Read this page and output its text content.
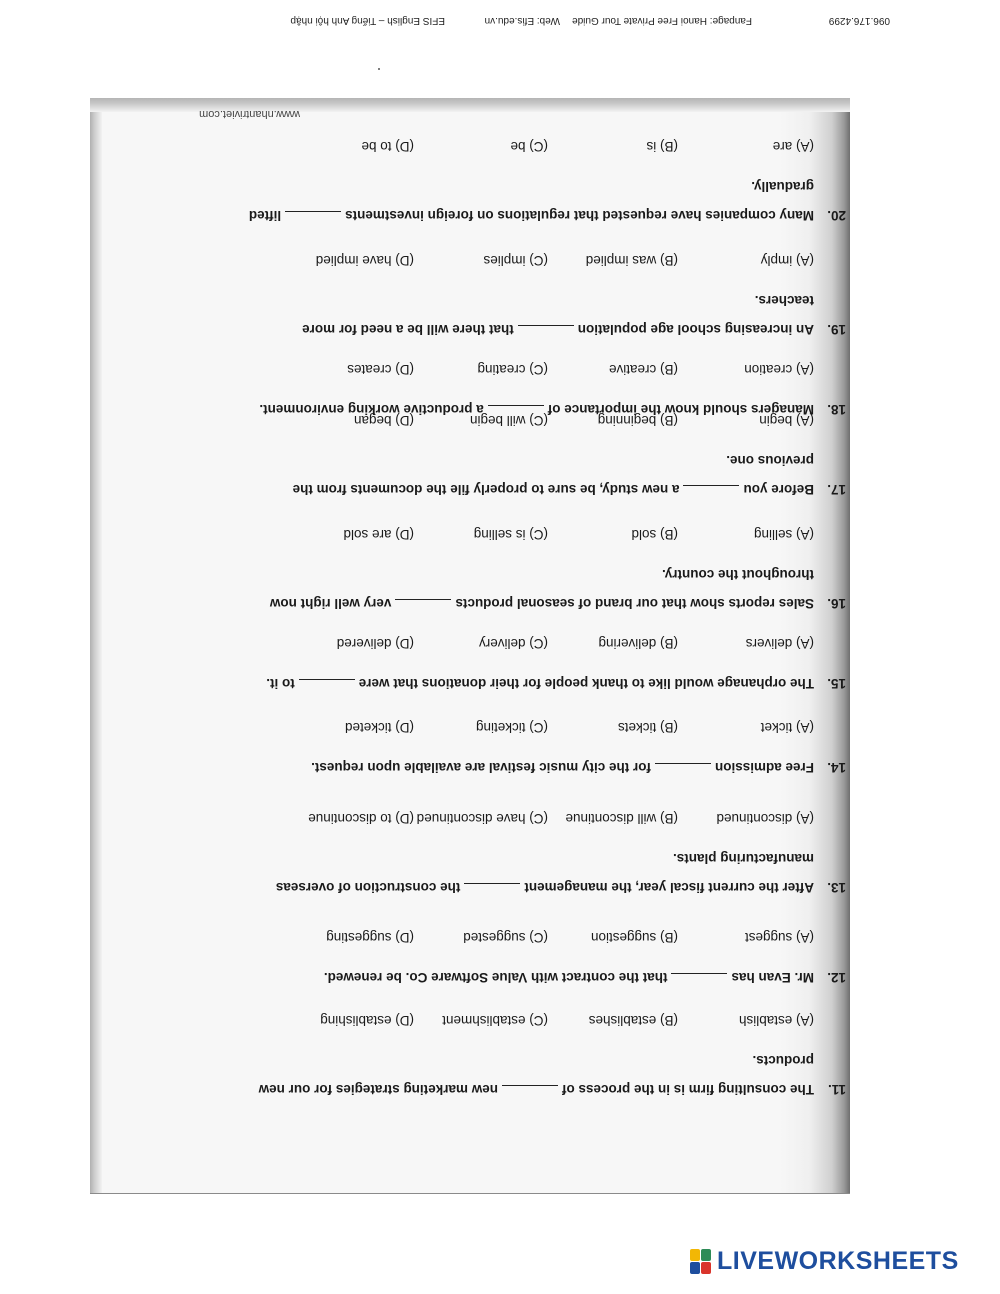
EFIS English – Tiếng Anh hội nhập	Web: Efis.edu.vn Fanpage: Hanoi Free Private Tour Guide	096.176.4299
11.
The consulting firm is in the process ofnew marketing strategies for our new
products.
(A) establish
(B) establishes
(C) establishment
(D) establishing
12.
Mr. Evan hasthat the contract with Value Software Co. be renewed.
(A) suggest
(B) suggestion
(C) suggested
(D) suggesting
13.
After the current fiscal year, the managementthe construction of overseas
manufacturing plants.
(A) discontinued
(B) will discontinue
(C) have discontinued
(D) to discontinue
14.
Free admissionfor the city music festival are available upon request.
(A) ticket
(B) tickets
(C) ticketing
(D) ticketed
15.
The orphanage would like to thank people for their donations that wereto it.
(A) delivers
(B) delivering
(C) delivery
(D) delivered
16.
Sales reports show that our brand of seasonal productsvery well right now
throughout the country.
(A) selling
(B) sold
(C) is selling
(D) are sold
17.
Before youa new study, be sure to properly file the documents from the previous one.
(A) begin
(B) beginning
(C) will begin
(D) began
18.
Managers should know the importance ofa productive working environment.
(A) creation
(B) creative
(C) creating
(D) creates
19.
An increasing school age populationthat there will be a need for more
teachers.
(A) imply
(B) was implied
(C) implies
(D) have implied
20.
Many companies have requested that regulations on foreign investmentslifted
gradually.
(A) are
(B) is
(C) be
(D) to be
www.nhantriviet.com
LIVEWORKSHEETS
